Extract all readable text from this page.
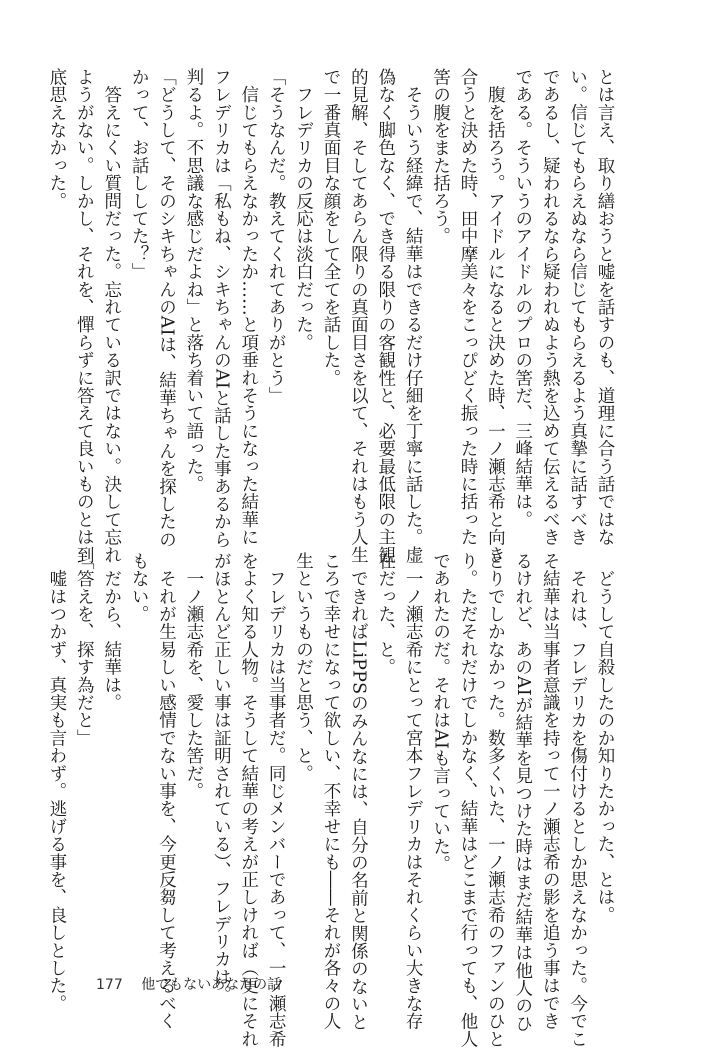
とは言え、取り繕おうと嘘を話すのも、道理に合う話ではな
い。信じてもらえぬなら信じてもらえるよう真摯に話すべき
であるし、疑われるなら疑われぬよう熱を込めて伝えるべき
である。そういうのアイドルのプロの筈だ、三峰結華は。
　腹を括ろう。アイドルになると決めた時、一ノ瀬志希と向き
合うと決めた時、田中摩美々をこっぴどく振った時に括った
筈の腹をまた括ろう。
　そういう経緯で、結華はできるだけ仔細を丁寧に話した。虚
偽なく脚色なく、でき得る限りの客観性と、必要最低限の主観
的見解、そしてあらん限りの真面目さを以て、それはもう人生
で一番真面目な顔をして全てを話した。
　フレデリカの反応は淡白だった。
「そうなんだ。教えてくれてありがとう」
　信じてもらえなかったか……と項垂れそうになった結華に
フレデリカは「私もね、シキちゃんのAIと話した事あるから
判るよ。不思議な感じだよね」と落ち着いて語った。
「どうして、そのシキちゃんのAIは、結華ちゃんを探したの
かって、お話ししてた？」
　答えにくい質問だった。忘れている訳ではない。決して忘れ
ようがない。しかし、それを、憚らずに答えて良いものとは到
底思えなかった。
　どうして自殺したのか知りたかった、とは。
　それは、フレデリカを傷付けるとしか思えなかった。今でこ
そ結華は当事者意識を持って一ノ瀬志希の影を追う事はでき
るけれど、あのAIが結華を見つけた時はまだ結華は他人のひ
とりでしかなかった。数多くいた、一ノ瀬志希のファンのひと
り。ただそれだけでしかなく、結華はどこまで行っても、他人
であれたのだ。それはAIも言っていた。
　一ノ瀬志希にとって宮本フレデリカはそれくらい大きな存
在だった、と。
　できればLiPPSのみんなには、自分の名前と関係のないと
ころで幸せになって欲しい、不幸せにも――それが各々の人
生というものだと思う、と。
　フレデリカは当事者だ。同じメンバーであって、一ノ瀬志希
をよく知る人物。そうして結華の考えが正しければ（更にそれ
がほとんど正しい事は証明されている）、フレデリカは。
　一ノ瀬志希を、愛した筈だ。
　それが生易しい感情でない事を、今更反芻して考えるべく
もない。
　だから、結華は。
「答えを、探す為だと」
　嘘はつかず、真実も言わず。逃げる事を、良しとした。 177 他でもないあなたの話
